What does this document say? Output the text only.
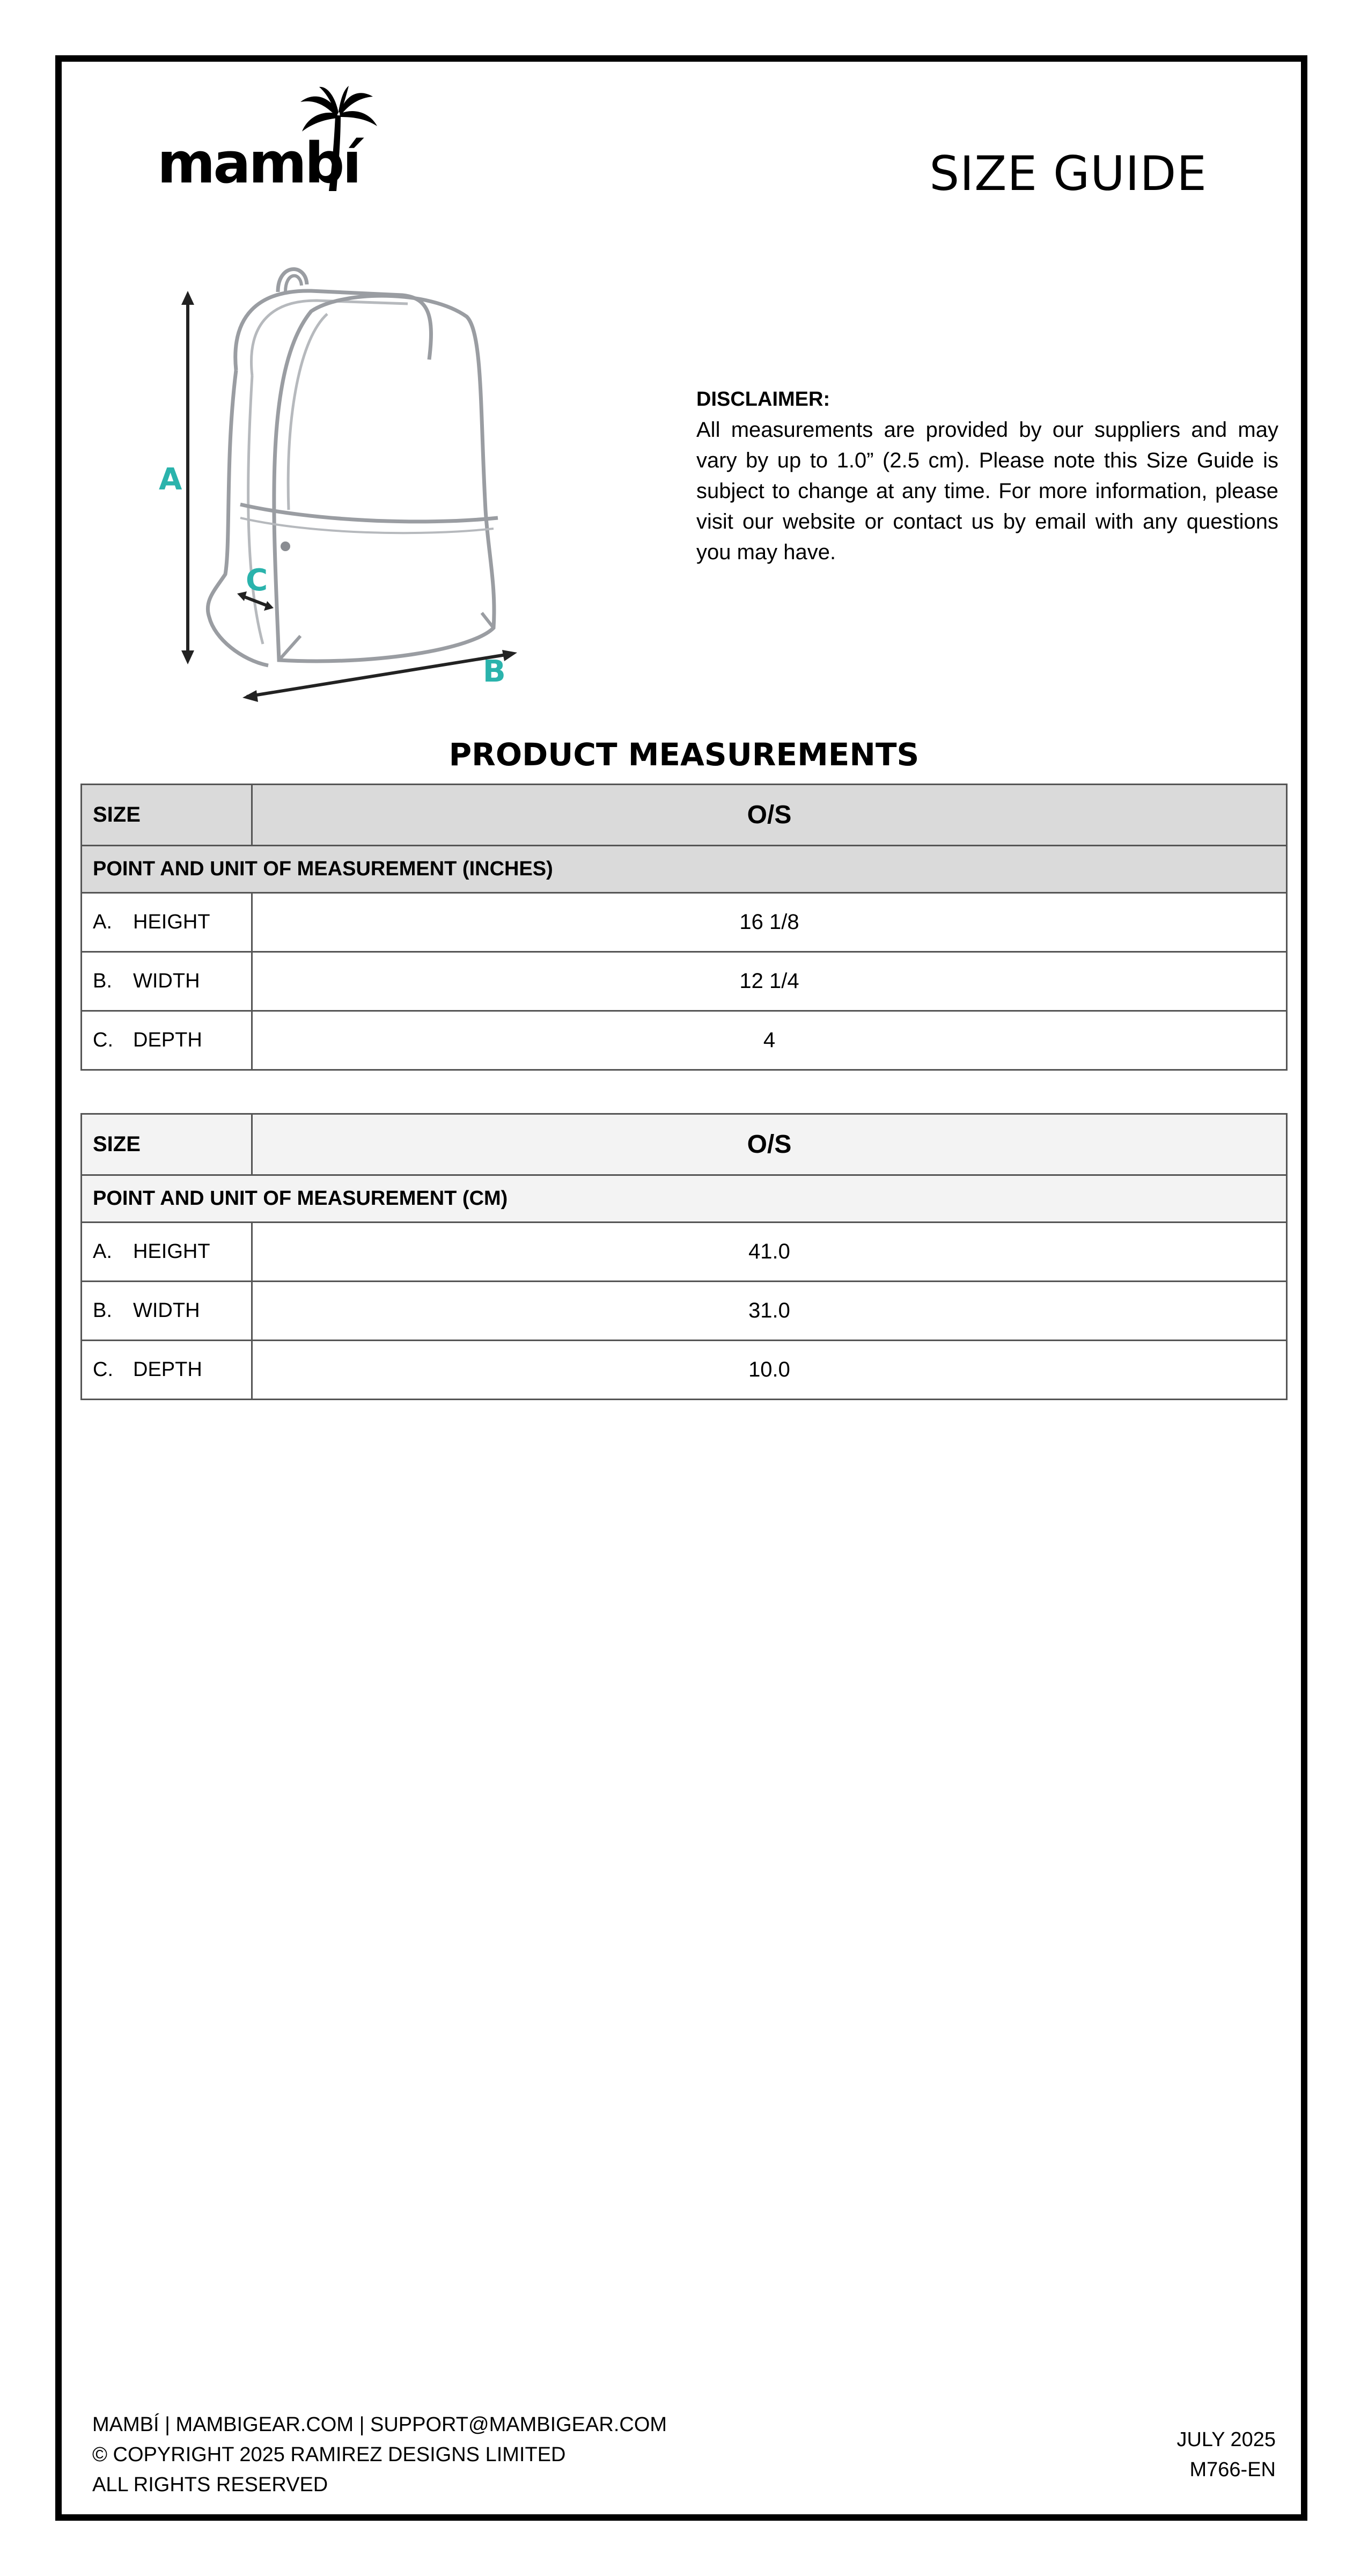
mambí	SIZE GUIDE
A
C
B
DISCLAIMER:
All measurements are provided by our suppliers and may vary by up to 1.0” (2.5 cm). Please note this Size Guide is subject to change at any time. For more information, please visit our website or contact us by email with any questions you may have.
PRODUCT MEASUREMENTS
SIZE	O/S
POINT AND UNIT OF MEASUREMENT (INCHES)	
A. HEIGHT	16 1/8
B. WIDTH	12 1/4
C. DEPTH	4
SIZE	O/S
POINT AND UNIT OF MEASUREMENT (CM)	
A. HEIGHT	41.0
B. WIDTH	31.0
C. DEPTH	10.0
MAMBÍ | MAMBIGEAR.COM | SUPPORT@MAMBIGEAR.COM
© COPYRIGHT 2025 RAMIREZ DESIGNS LIMITED
ALL RIGHTS RESERVED
JULY 2025
M766-EN
